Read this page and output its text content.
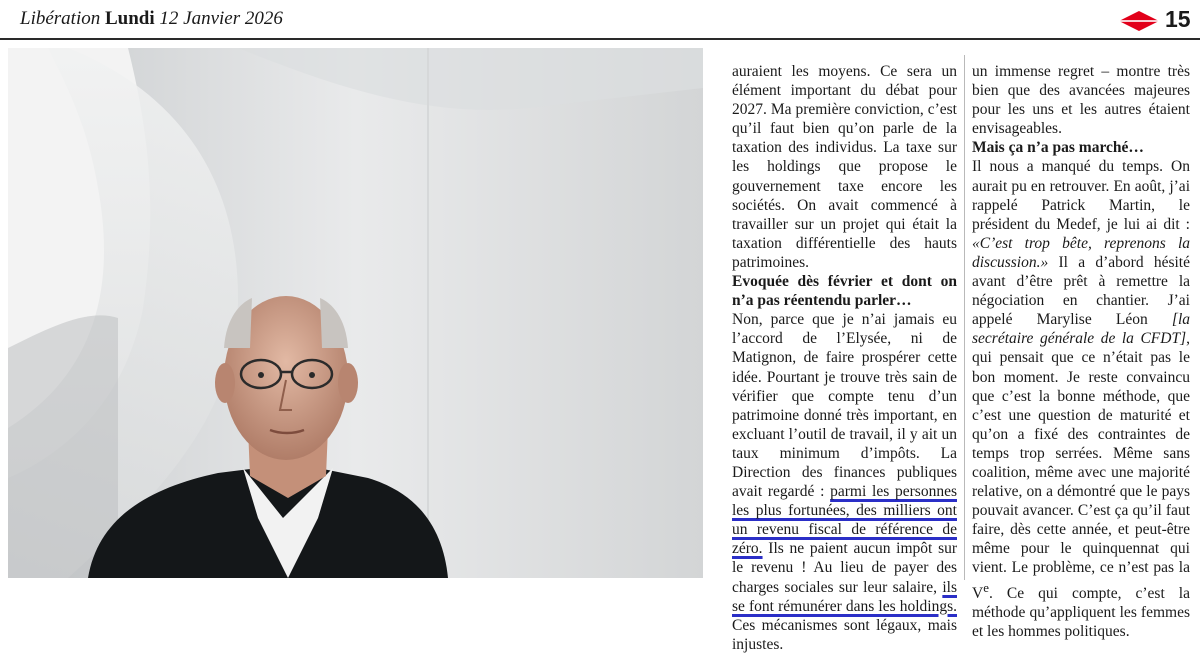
Libération Lundi 12 Janvier 2026	15

auraient les moyens. Ce sera un élément important du débat pour 2027. Ma première conviction, c’est qu’il faut bien qu’on parle de la taxation des individus. La taxe sur les holdings que propose le gouvernement taxe encore les sociétés. On avait commencé à travailler sur un projet qui était la taxation différentielle des hauts patrimoines.

Evoquée dès février et dont on n’a pas réentendu parler…

Non, parce que je n’ai jamais eu l’accord de l’Elysée, ni de Matignon, de faire prospérer cette idée. Pourtant je trouve très sain de vérifier que compte tenu d’un patrimoine donné très important, en excluant l’outil de travail, il y ait un taux minimum d’impôts. La Direction des finances publiques avait regardé : parmi les personnes les plus fortunées, des milliers ont un revenu fiscal de référence de zéro. Ils ne paient aucun impôt sur le revenu ! Au lieu de payer des charges sociales sur leur salaire, ils se font rémunérer dans les holdings. Ces mécanismes sont légaux, mais injustes.

un immense regret – montre très bien que des avancées majeures pour les uns et les autres étaient envisageables.

Mais ça n’a pas marché…

Il nous a manqué du temps. On aurait pu en retrouver. En août, j’ai rappelé Patrick Martin, le président du Medef, je lui ai dit : «C’est trop bête, reprenons la discussion.» Il a d’abord hésité avant d’être prêt à remettre la négociation en chantier. J’ai appelé Marylise Léon [la secrétaire générale de la CFDT], qui pensait que ce n’était pas le bon moment. Je reste convaincu que c’est la bonne méthode, que c’est une question de maturité et qu’on a fixé des contraintes de temps trop serrées. Même sans coalition, même avec une majorité relative, on a démontré que le pays pouvait avancer. C’est ça qu’il faut faire, dès cette année, et peut-être même pour le quinquennat qui vient. Le problème, ce n’est pas la Ve. Ce qui compte, c’est la méthode qu’appliquent les femmes et les hommes politiques.
